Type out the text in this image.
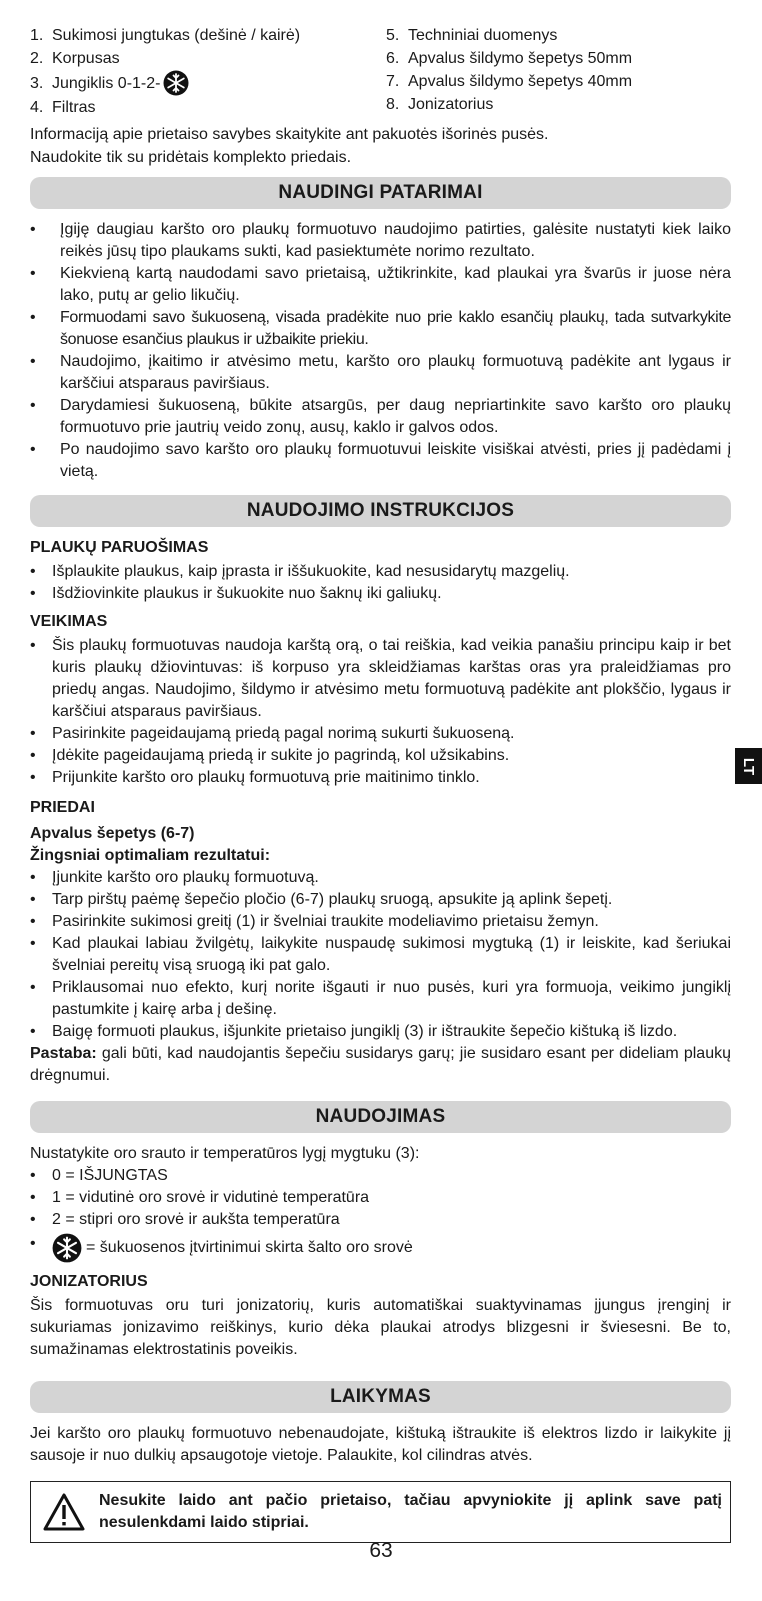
1. Sukimosi jungtukas (dešinė / kairė)
2. Korpusas
3. Jungiklis 0-1-2-
4. Filtras
5. Techniniai duomenys
6. Apvalus šildymo šepetys 50mm
7. Apvalus šildymo šepetys 40mm
8. Jonizatorius

Informaciją apie prietaiso savybes skaitykite ant pakuotės išorinės pusės.

Naudokite tik su pridėtais komplekto priedais.

NAUDINGI PATARIMAI
• Įgiję daugiau karšto oro plaukų formuotuvo naudojimo patirties, galėsite nustatyti kiek laiko reikės jūsų tipo plaukams sukti, kad pasiektumėte norimo rezultato.
• Kiekvieną kartą naudodami savo prietaisą, užtikrinkite, kad plaukai yra švarūs ir juose nėra lako, putų ar gelio likučių.
• Formuodami savo šukuoseną, visada pradėkite nuo prie kaklo esančių plaukų, tada sutvarkykite šonuose esančius plaukus ir užbaikite priekiu.
• Naudojimo, įkaitimo ir atvėsimo metu, karšto oro plaukų formuotuvą padėkite ant lygaus ir karščiui atsparaus paviršiaus.
• Darydamiesi šukuoseną, būkite atsargūs, per daug nepriartinkite savo karšto oro plaukų formuotuvo prie jautrių veido zonų, ausų, kaklo ir galvos odos.
• Po naudojimo savo karšto oro plaukų formuotuvui leiskite visiškai atvėsti, pries jį padėdami į vietą.
NAUDOJIMO INSTRUKCIJOS
PLAUKŲ PARUOŠIMAS
• Išplaukite plaukus, kaip įprasta ir iššukuokite, kad nesusidarytų mazgelių.
• Išdžiovinkite plaukus ir šukuokite nuo šaknų iki galiukų.
VEIKIMAS
• Šis plaukų formuotuvas naudoja karštą orą, o tai reiškia, kad veikia panašiu principu kaip ir bet kuris plaukų džiovintuvas: iš korpuso yra skleidžiamas karštas oras yra praleidžiamas pro priedų angas. Naudojimo, šildymo ir atvėsimo metu formuotuvą padėkite ant plokščio, lygaus ir karščiui atsparaus paviršiaus.
• Pasirinkite pageidaujamą priedą pagal norimą sukurti šukuoseną.
• Įdėkite pageidaujamą priedą ir sukite jo pagrindą, kol užsikabins.
• Prijunkite karšto oro plaukų formuotuvą prie maitinimo tinklo.
PRIEDAI
Apvalus šepetys (6-7)
Žingsniai optimaliam rezultatui:
• Įjunkite karšto oro plaukų formuotuvą.
• Tarp pirštų paėmę šepečio pločio (6-7) plaukų sruogą, apsukite ją aplink šepetį.
• Pasirinkite sukimosi greitį (1) ir švelniai traukite modeliavimo prietaisu žemyn.
• Kad plaukai labiau žvilgėtų, laikykite nuspaudę sukimosi mygtuką (1) ir leiskite, kad šeriukai švelniai pereitų visą sruogą iki pat galo.
• Priklausomai nuo efekto, kurį norite išgauti ir nuo pusės, kuri yra formuoja, veikimo jungiklį pastumkite į kairę arba į dešinę.
• Baigę formuoti plaukus, išjunkite prietaiso jungiklį (3) ir ištraukite šepečio kištuką iš lizdo.

Pastaba: gali būti, kad naudojantis šepečiu susidarys garų; jie susidaro esant per dideliam plaukų drėgnumui.

NAUDOJIMAS

Nustatykite oro srauto ir temperatūros lygį mygtuku (3):

• 0 = IŠJUNGTAS
• 1 = vidutinė oro srovė ir vidutinė temperatūra
• 2 = stipri oro srovė ir aukšta temperatūra
• = šukuosenos įtvirtinimui skirta šalto oro srovė
JONIZATORIUS

Šis formuotuvas oru turi jonizatorių, kuris automatiškai suaktyvinamas įjungus įrenginį ir sukuriamas jonizavimo reiškinys, kurio dėka plaukai atrodys blizgesni ir šviesesni. Be to, sumažinamas elektrostatinis poveikis.

LAIKYMAS

Jei karšto oro plaukų formuotuvo nebenaudojate, kištuką ištraukite iš elektros lizdo ir laikykite jį sausoje ir nuo dulkių apsaugotoje vietoje. Palaukite, kol cilindras atvės.

Nesukite laido ant pačio prietaiso, tačiau apvyniokite jį aplink save patį nesulenkdami laido stipriai.
LT
63
